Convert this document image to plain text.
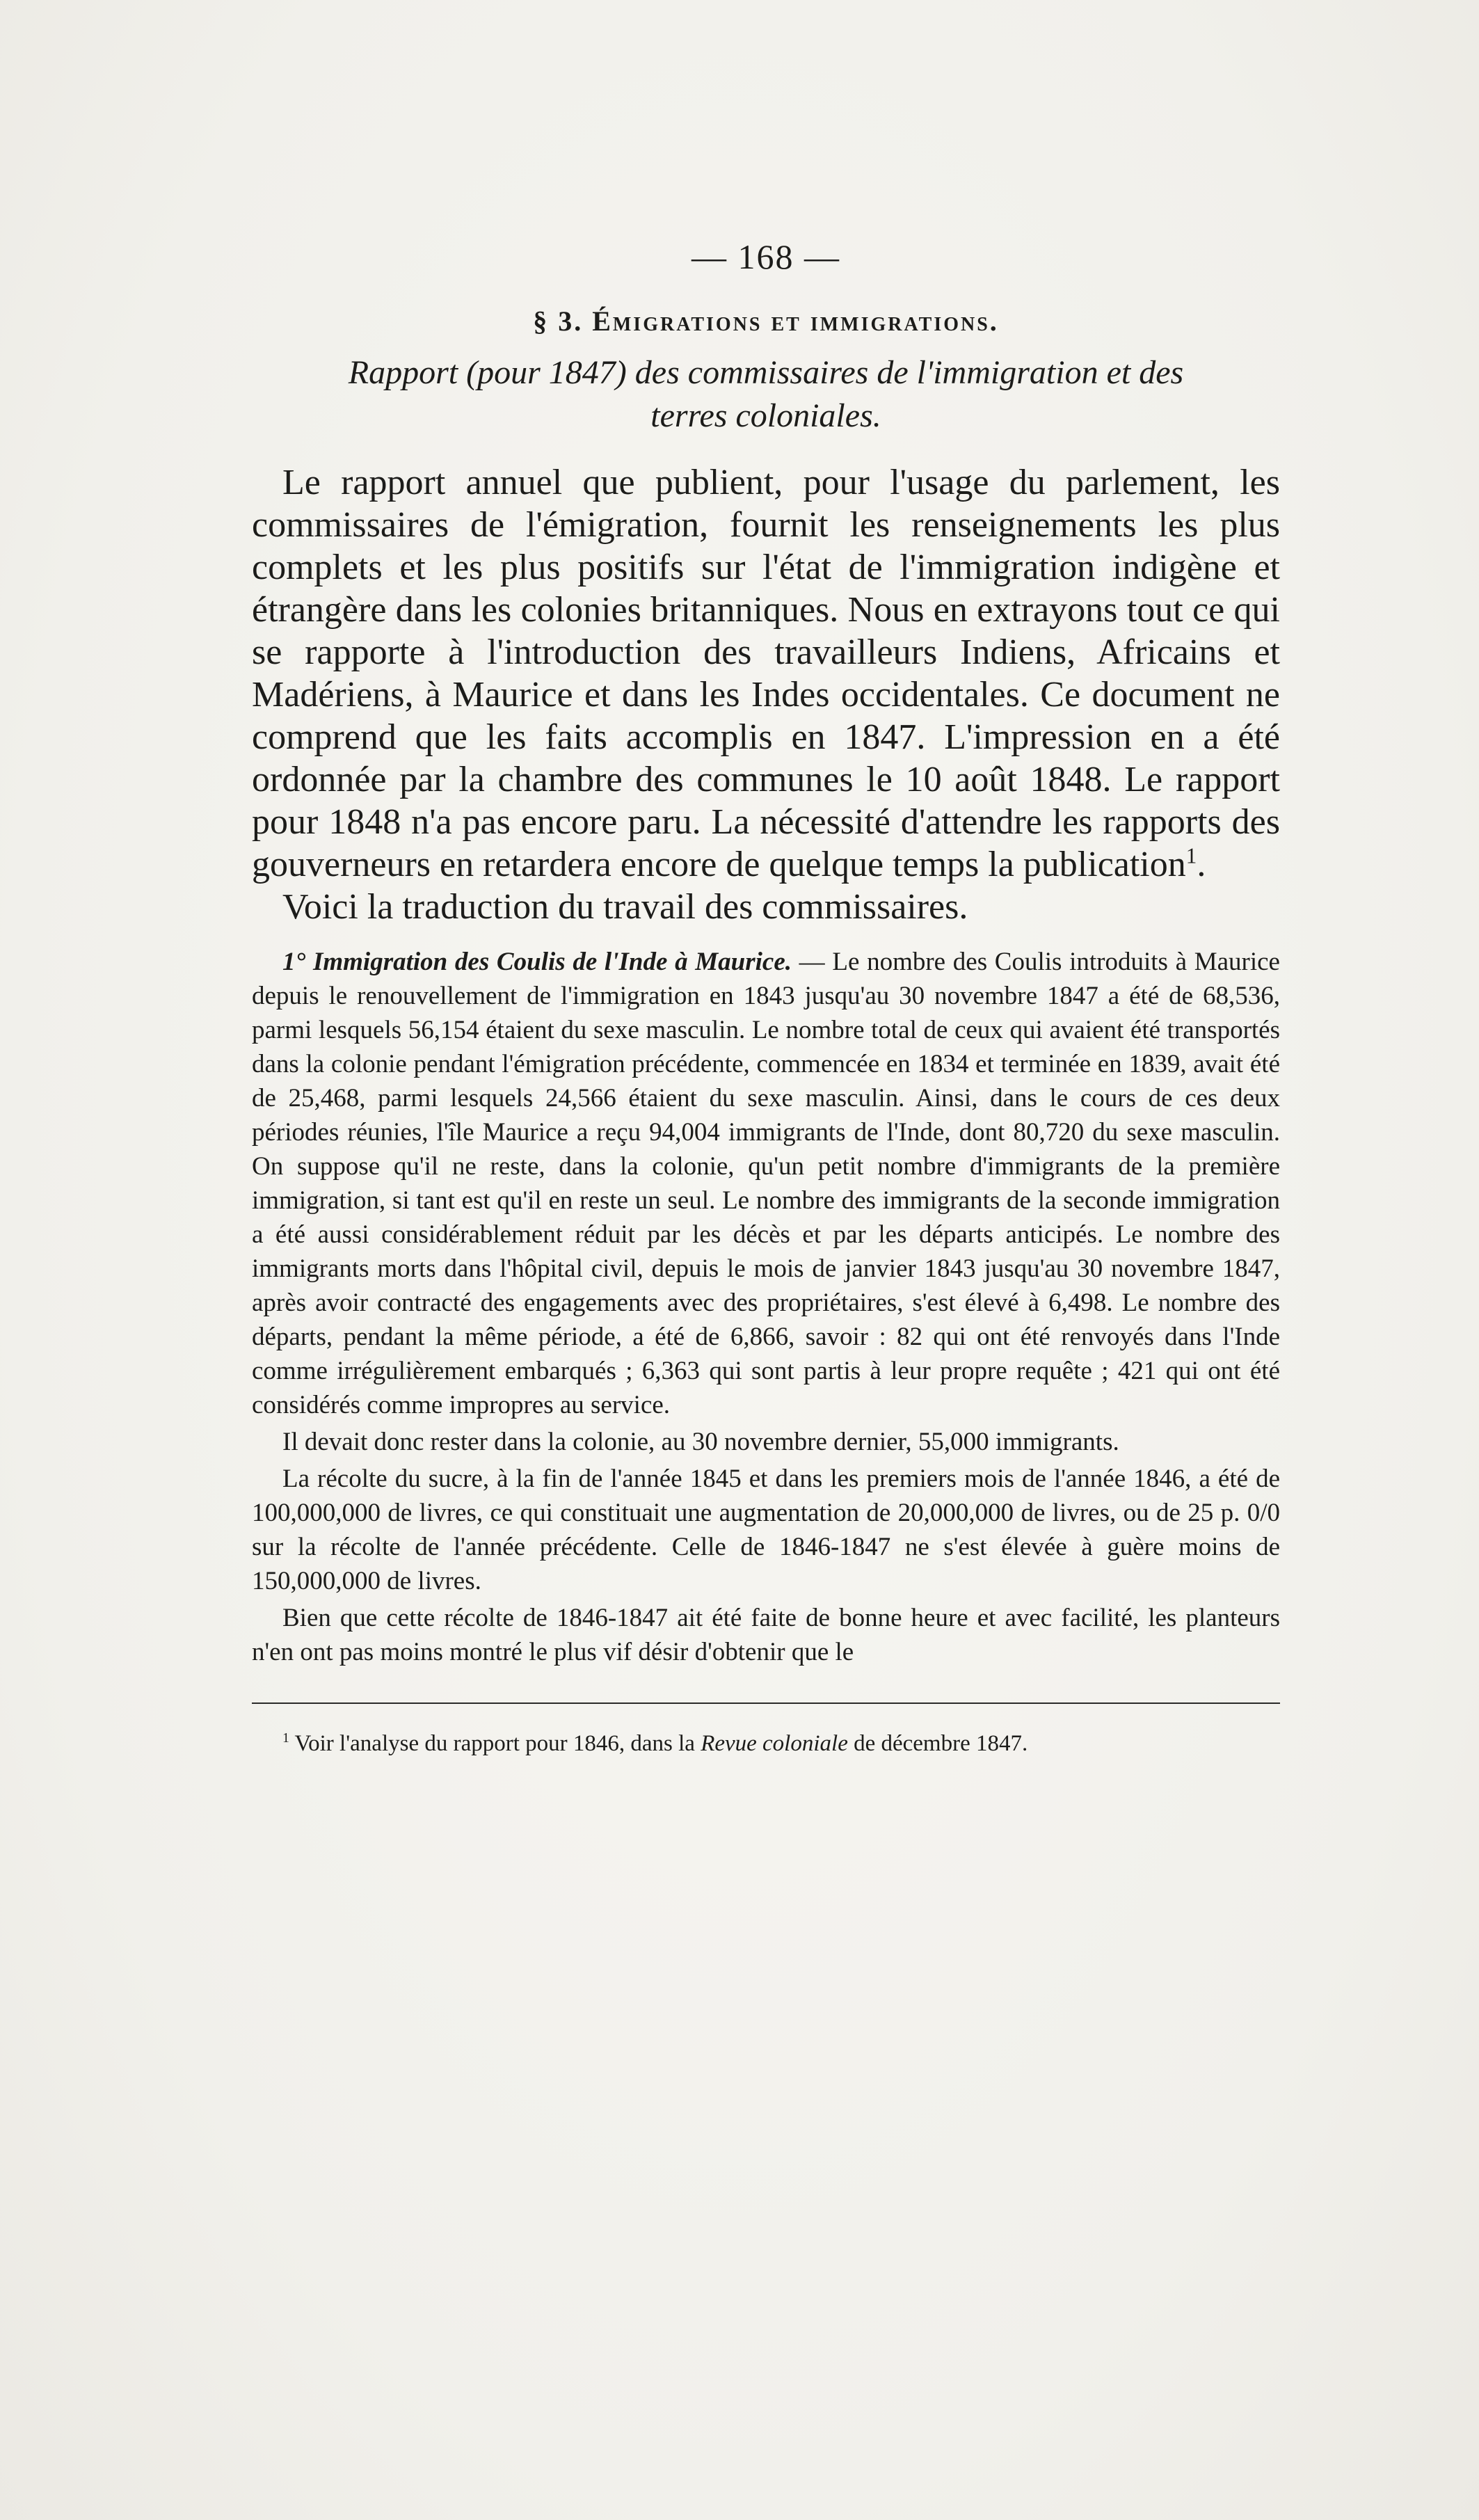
— 168 —
§ 3. Émigrations et immigrations.
Rapport (pour 1847) des commissaires de l'immigration et des
terres coloniales.

Le rapport annuel que publient, pour l'usage du parlement, les commissaires de l'émigration, fournit les renseignements les plus complets et les plus positifs sur l'état de l'immigration indigène et étrangère dans les colonies britanniques. Nous en extrayons tout ce qui se rapporte à l'introduction des travailleurs Indiens, Africains et Madériens, à Maurice et dans les Indes occidentales. Ce document ne comprend que les faits accomplis en 1847. L'impression en a été ordonnée par la chambre des communes le 10 août 1848. Le rapport pour 1848 n'a pas encore paru. La nécessité d'attendre les rapports des gouverneurs en retardera encore de quelque temps la publication$^1$.

Voici la traduction du travail des commissaires.

1° Immigration des Coulis de l'Inde à Maurice. — Le nombre des Coulis introduits à Maurice depuis le renouvellement de l'immigration en 1843 jusqu'au 30 novembre 1847 a été de 68,536, parmi lesquels 56,154 étaient du sexe masculin. Le nombre total de ceux qui avaient été transportés dans la colonie pendant l'émigration précédente, commencée en 1834 et terminée en 1839, avait été de 25,468, parmi lesquels 24,566 étaient du sexe masculin. Ainsi, dans le cours de ces deux périodes réunies, l'île Maurice a reçu 94,004 immigrants de l'Inde, dont 80,720 du sexe masculin. On suppose qu'il ne reste, dans la colonie, qu'un petit nombre d'immigrants de la première immigration, si tant est qu'il en reste un seul. Le nombre des immigrants de la seconde immigration a été aussi considérablement réduit par les décès et par les départs anticipés. Le nombre des immigrants morts dans l'hôpital civil, depuis le mois de janvier 1843 jusqu'au 30 novembre 1847, après avoir contracté des engagements avec des propriétaires, s'est élevé à 6,498. Le nombre des départs, pendant la même période, a été de 6,866, savoir : 82 qui ont été renvoyés dans l'Inde comme irrégulièrement embarqués ; 6,363 qui sont partis à leur propre requête ; 421 qui ont été considérés comme impropres au service.

Il devait donc rester dans la colonie, au 30 novembre dernier, 55,000 immigrants.

La récolte du sucre, à la fin de l'année 1845 et dans les premiers mois de l'année 1846, a été de 100,000,000 de livres, ce qui constituait une augmentation de 20,000,000 de livres, ou de 25 p. 0/0 sur la récolte de l'année précédente. Celle de 1846-1847 ne s'est élevée à guère moins de 150,000,000 de livres.

Bien que cette récolte de 1846-1847 ait été faite de bonne heure et avec facilité, les planteurs n'en ont pas moins montré le plus vif désir d'obtenir que le

$^1$ Voir l'analyse du rapport pour 1846, dans la Revue coloniale de décembre 1847.
